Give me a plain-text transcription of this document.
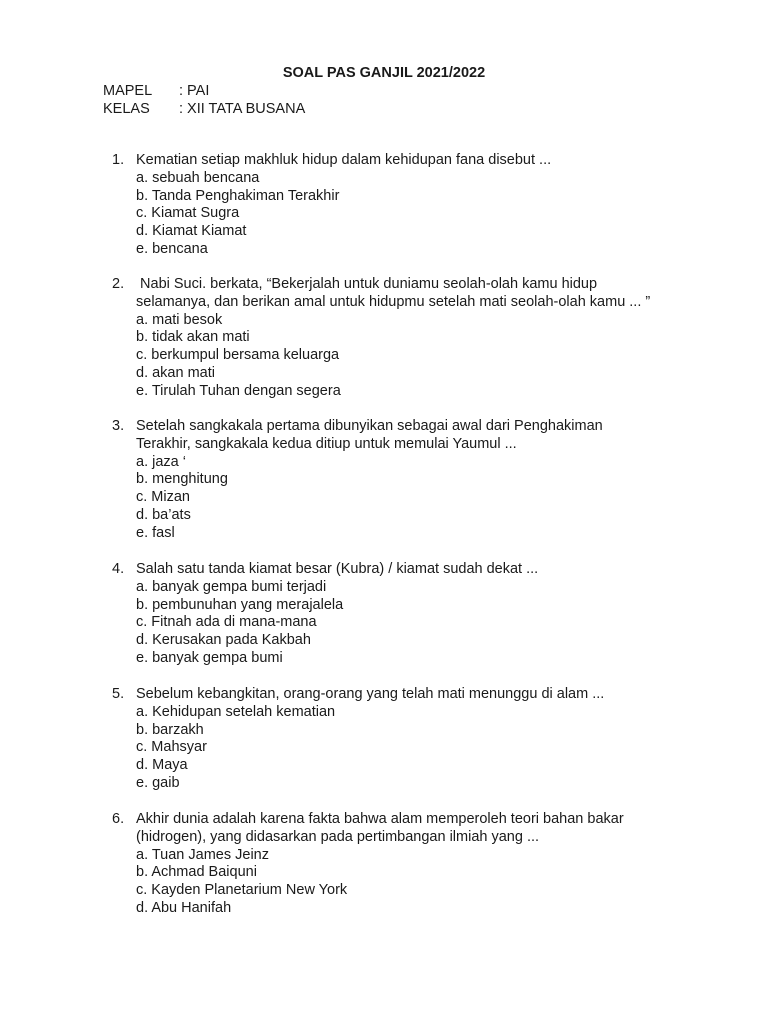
SOAL PAS GANJIL 2021/2022
MAPEL : PAI
KELAS : XII TATA BUSANA
1. Kematian setiap makhluk hidup dalam kehidupan fana disebut ...
a. sebuah bencana
b. Tanda Penghakiman Terakhir
c. Kiamat Sugra
d. Kiamat Kiamat
e. bencana
2. Nabi Suci. berkata, “Bekerjalah untuk duniamu seolah-olah kamu hidup
selamanya, dan berikan amal untuk hidupmu setelah mati seolah-olah kamu ... ”
a. mati besok
b. tidak akan mati
c. berkumpul bersama keluarga
d. akan mati
e. Tirulah Tuhan dengan segera
3. Setelah sangkakala pertama dibunyikan sebagai awal dari Penghakiman
Terakhir, sangkakala kedua ditiup untuk memulai Yaumul ...
a. jaza ‘
b. menghitung
c. Mizan
d. ba’ats
e. fasl
4. Salah satu tanda kiamat besar (Kubra) / kiamat sudah dekat ...
a. banyak gempa bumi terjadi
b. pembunuhan yang merajalela
c. Fitnah ada di mana-mana
d. Kerusakan pada Kakbah
e. banyak gempa bumi
5. Sebelum kebangkitan, orang-orang yang telah mati menunggu di alam ...
a. Kehidupan setelah kematian
b. barzakh
c. Mahsyar
d. Maya
e. gaib
6. Akhir dunia adalah karena fakta bahwa alam memperoleh teori bahan bakar
(hidrogen), yang didasarkan pada pertimbangan ilmiah yang ...
a. Tuan James Jeinz
b. Achmad Baiquni
c. Kayden Planetarium New York
d. Abu Hanifah
